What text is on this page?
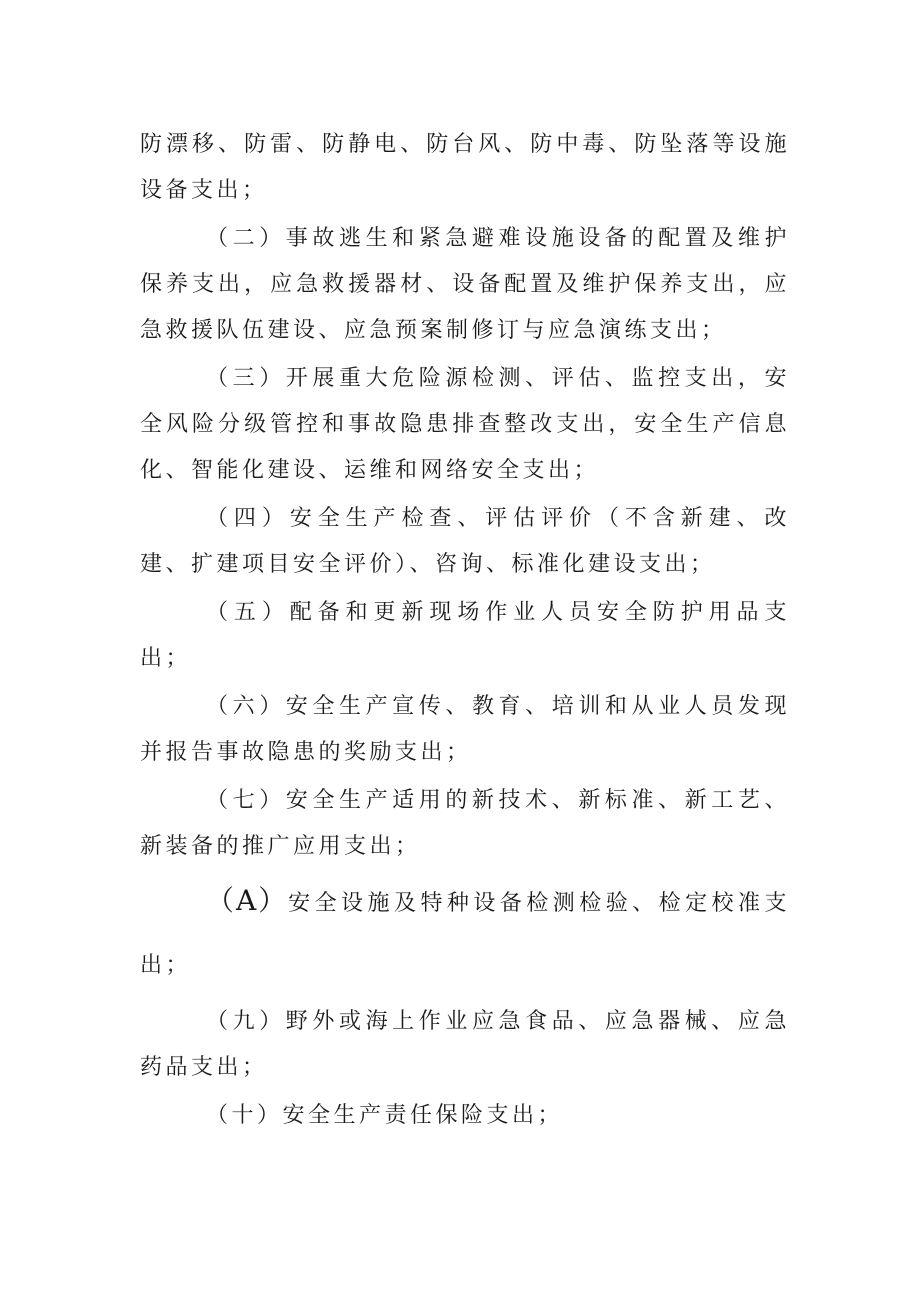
防漂移、防雷、防静电、防台风、防中毒、防坠落等设施设备支出；

（二）事故逃生和紧急避难设施设备的配置及维护保养支出，应急救援器材、设备配置及维护保养支出，应急救援队伍建设、应急预案制修订与应急演练支出；

（三）开展重大危险源检测、评估、监控支出，安全风险分级管控和事故隐患排查整改支出，安全生产信息化、智能化建设、运维和网络安全支出；

（四）安全生产检查、评估评价（不含新建、改建、扩建项目安全评价）、咨询、标准化建设支出；

（五）配备和更新现场作业人员安全防护用品支出；

（六）安全生产宣传、教育、培训和从业人员发现并报告事故隐患的奖励支出；

（七）安全生产适用的新技术、新标准、新工艺、新装备的推广应用支出；

（A）安全设施及特种设备检测检验、检定校准支出；

（九）野外或海上作业应急食品、应急器械、应急药品支出；

（十）安全生产责任保险支出；
